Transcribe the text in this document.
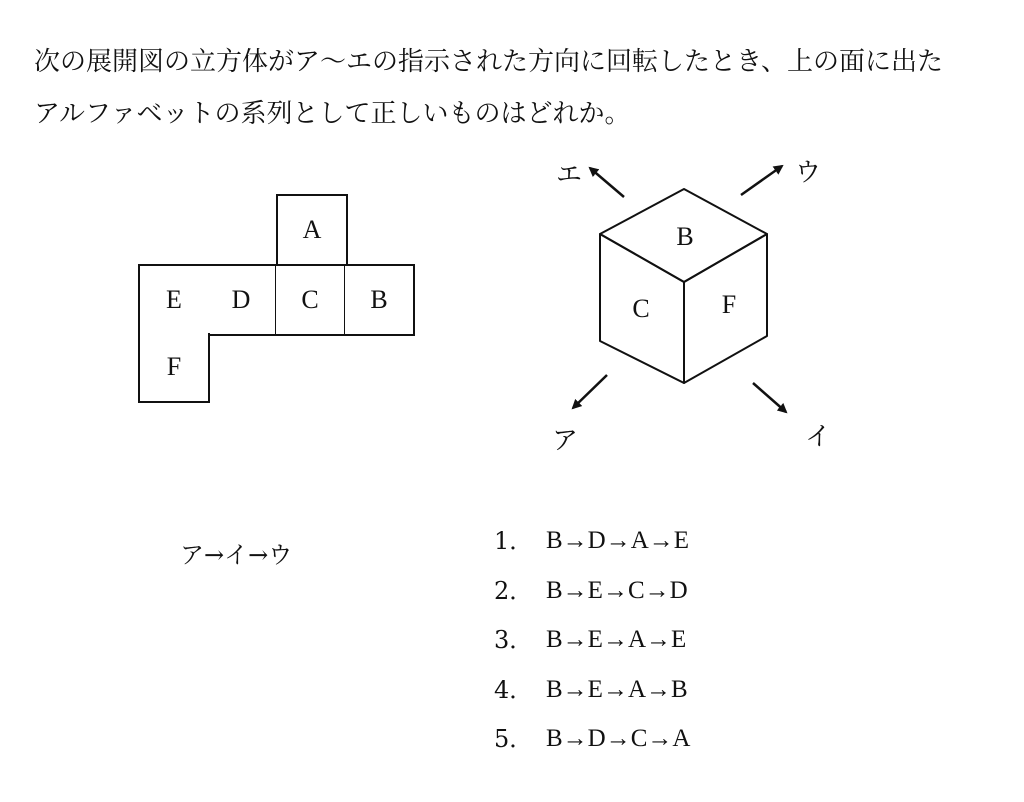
次の展開図の立方体がア〜エの指示された方向に回転したとき、上の面に出た

アルファベットの系列として正しいものはどれか。

A
E	D	C	B
F
B
C	F
エ	ウ
ア	イ
ア→イ→ウ	1． B→D→A→E
2． B→E→C→D
3． B→E→A→E
4． B→E→A→B
5． B→D→C→A
